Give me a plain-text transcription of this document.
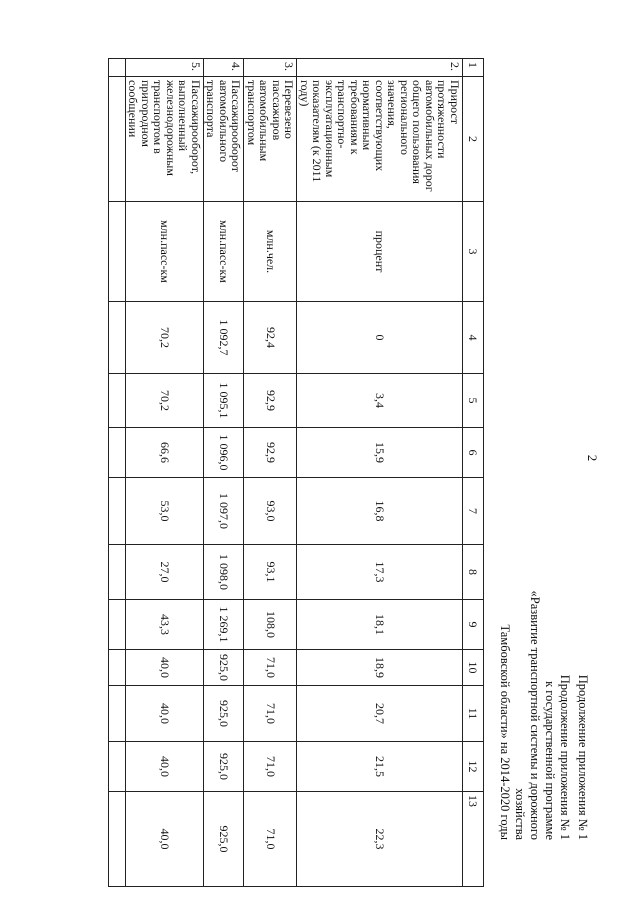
2
Продолжение приложения № 1
Продолжение приложения № 1
к государственной программе
«Развитие транспортной системы и дорожного хозяйства
Тамбовской области» на 2014-2020 годы
1	2	3	4	5	6	7	8	9	10	11	12	13
2.	Прирост протяженности автомобильных дорог общего пользования регионального значения, соответствующих нормативным требованиям к транспортно-эксплуатационным показателям (к 2011 году)	процент	0	3,4	15,9	16,8	17,3	18,1	18,9	20,7	21,5	22,3
3.	Перевезено пассажиров автомобильным транспортом	млн.чел.	92,4	92,9	92,9	93,0	93,1	108,0	71,0	71,0	71,0	71,0
4.	Пассажирооборот автомобильного транспорта	млн.пасс-км	1 092,7	1 095,1	1 096,0	1 097,0	1 098,0	1 269,1	925,0	925,0	925,0	925,0
5.	Пассажирооборот, выполненный железнодорожным транспортом в пригородном сообщении	млн.пасс-км	70,2	70,2	66,6	53,0	27,0	43,3	40,0	40,0	40,0	40,0
